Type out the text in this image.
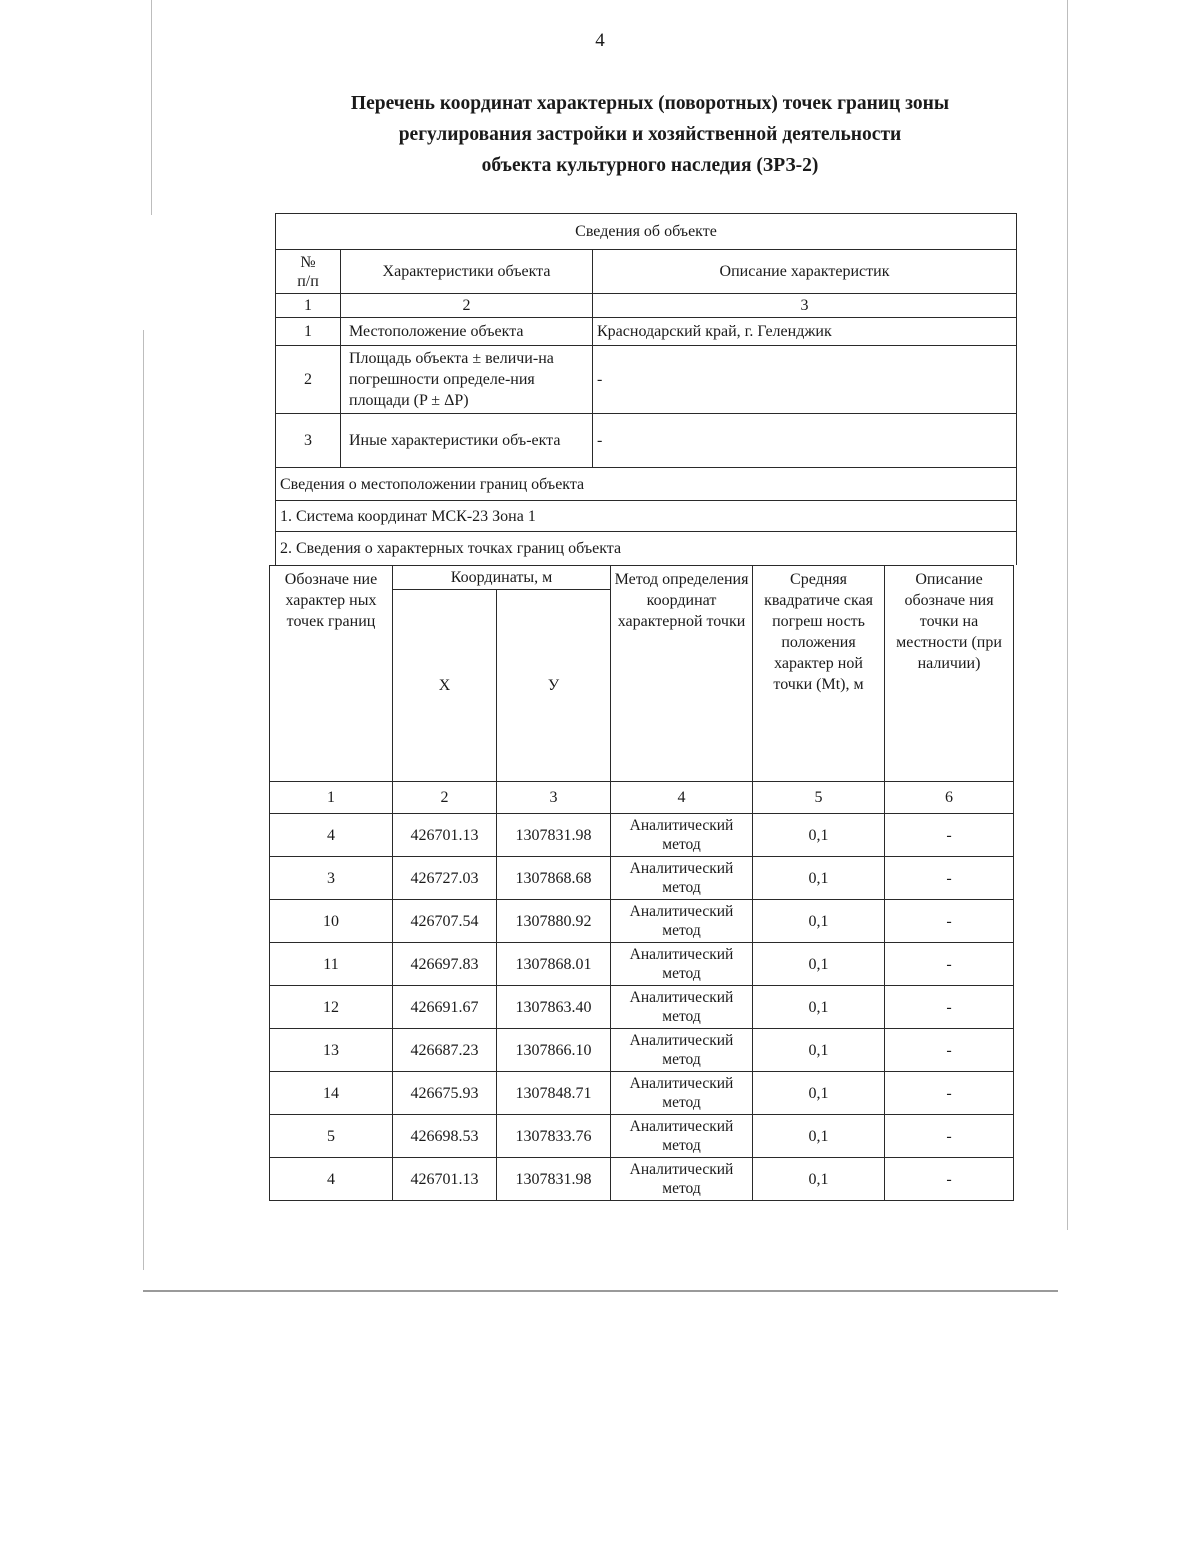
4
Перечень координат характерных (поворотных) точек границ зоны
регулирования застройки и хозяйственной деятельности
объекта культурного наследия (ЗРЗ-2)
Сведения об объекте		
№
п/п	Характеристики объекта	Описание характеристик
1	2	3
1	Местоположение объекта	Краснодарский край, г. Геленджик
2	Площадь объекта ± величи-на погрешности определе-ния площади (P ± ΔP)	-
3	Иные характеристики объ-екта	-
Сведения о местоположении границ объекта		
1. Система координат МСК-23 Зона 1		
2. Сведения о характерных точках границ объекта		
Обозначе ние характер ных точек границ	Координаты, м		Метод определения координат характерной точки	Средняя квадратиче ская погреш ность положения характер ной точки (Mt), м	Описание обозначе ния точки на местности (при наличии)
	X	У			
1	2	3	4	5	6
4	426701.13	1307831.98	Аналитический метод	0,1	-
3	426727.03	1307868.68	Аналитический метод	0,1	-
10	426707.54	1307880.92	Аналитический метод	0,1	-
11	426697.83	1307868.01	Аналитический метод	0,1	-
12	426691.67	1307863.40	Аналитический метод	0,1	-
13	426687.23	1307866.10	Аналитический метод	0,1	-
14	426675.93	1307848.71	Аналитический метод	0,1	-
5	426698.53	1307833.76	Аналитический метод	0,1	-
4	426701.13	1307831.98	Аналитический метод	0,1	-
